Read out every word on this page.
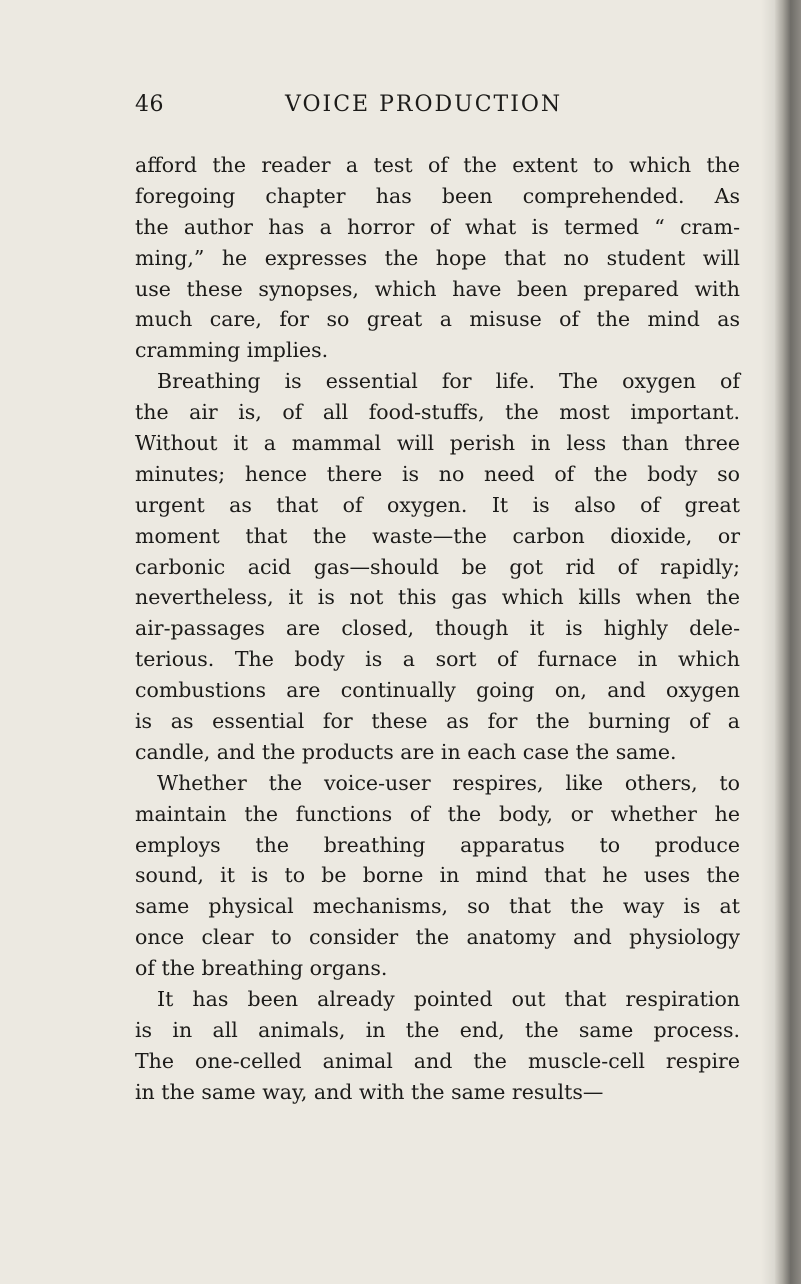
46	VOICE PRODUCTION
afford the reader a test of the extent to which the
foregoing chapter has been comprehended. As
the author has a horror of what is termed “ cram-
ming,” he expresses the hope that no student will
use these synopses, which have been prepared with
much care, for so great a misuse of the mind as
cramming implies.
Breathing is essential for life. The oxygen of
the air is, of all food-stuffs, the most important.
Without it a mammal will perish in less than three
minutes; hence there is no need of the body so
urgent as that of oxygen. It is also of great
moment that the waste—the carbon dioxide, or
carbonic acid gas—should be got rid of rapidly;
nevertheless, it is not this gas which kills when the
air-passages are closed, though it is highly dele-
terious. The body is a sort of furnace in which
combustions are continually going on, and oxygen
is as essential for these as for the burning of a
candle, and the products are in each case the same.
Whether the voice-user respires, like others, to
maintain the functions of the body, or whether he
employs the breathing apparatus to produce
sound, it is to be borne in mind that he uses the
same physical mechanisms, so that the way is at
once clear to consider the anatomy and physiology
of the breathing organs.
It has been already pointed out that respiration
is in all animals, in the end, the same process.
The one-celled animal and the muscle-cell respire
in the same way, and with the same results—
